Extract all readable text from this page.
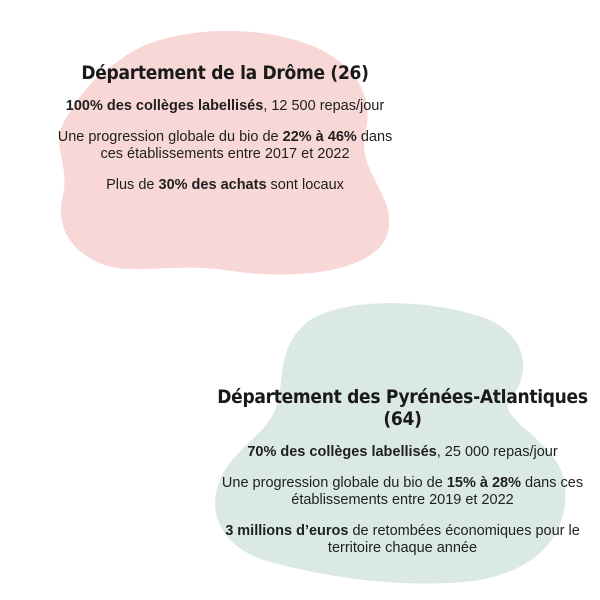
Département de la Drôme (26)

100% des collèges labellisés, 12 500 repas/jour

Une progression globale du bio de 22% à 46% dans ces établissements entre 2017 et 2022

Plus de 30% des achats sont locaux

Département des Pyrénées-Atlantiques (64)

70% des collèges labellisés, 25 000 repas/jour

Une progression globale du bio de 15% à 28% dans ces établissements entre 2019 et 2022

3 millions d’euros de retombées économiques pour le territoire chaque année
